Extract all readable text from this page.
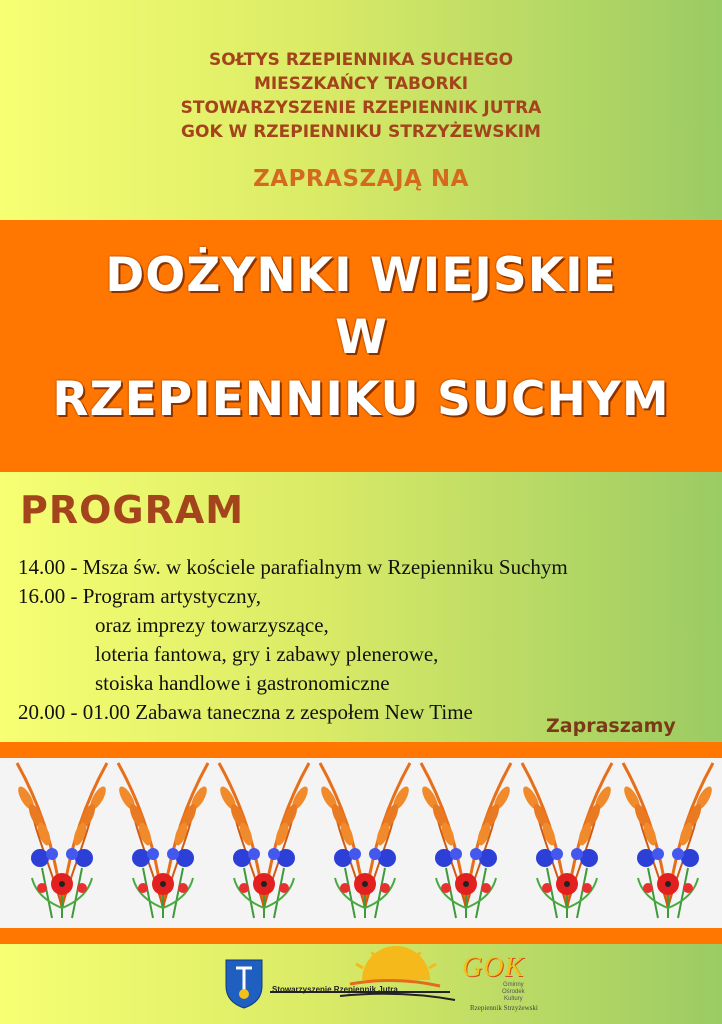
SOŁTYS RZEPIENNIKA SUCHEGO
MIESZKAŃCY TABORKI
STOWARZYSZENIE RZEPIENNIK JUTRA
GOK W RZEPIENNIKU STRZYŻEWSKIM
ZAPRASZAJĄ NA
DOŻYNKI WIEJSKIE
W
RZEPIENNIKU SUCHYM
PROGRAM
14.00 - Msza św. w kościele parafialnym w Rzepienniku Suchym
16.00 - Program artystyczny,
oraz imprezy towarzyszące,
loteria fantowa, gry i zabawy plenerowe,
stoiska handlowe i gastronomiczne
20.00 - 01.00 Zabawa taneczna z zespołem New Time
Zapraszamy
Stowarzyszenie Rzepiennik Jutra
GOK
Gminny
Ośrodek
Kultury
Rzepiennik Strzyżewski
